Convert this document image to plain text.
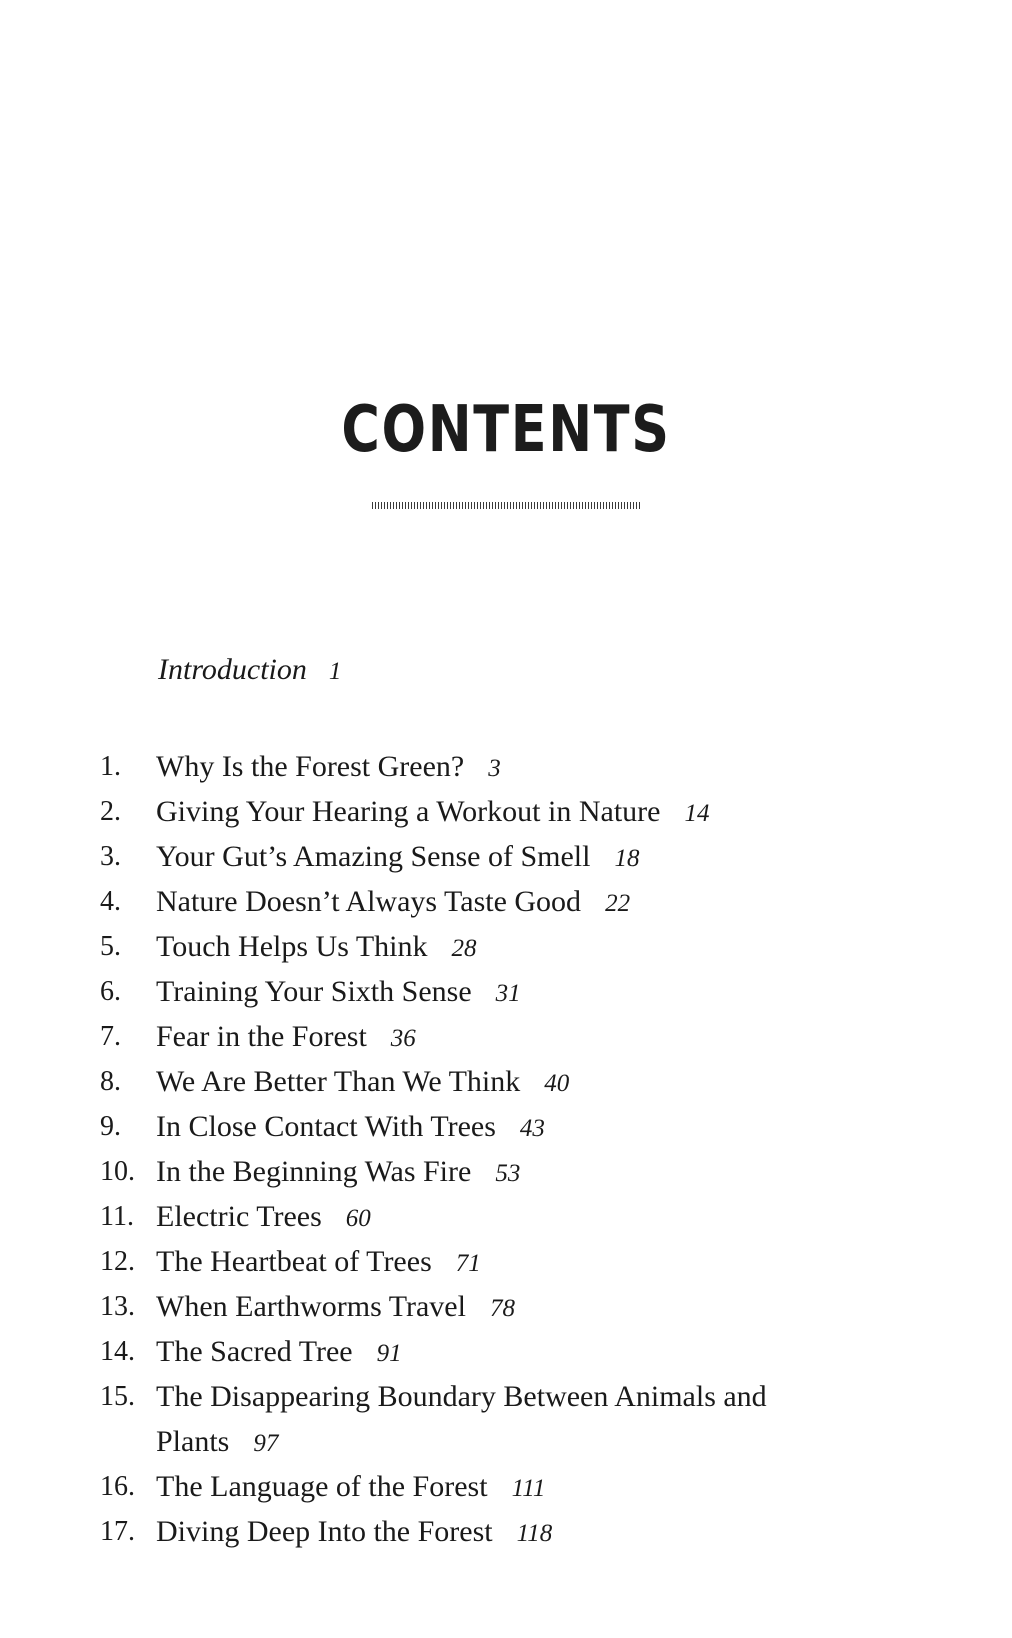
CONTENTS
Introduction 1
1. Why Is the Forest Green? 3
2. Giving Your Hearing a Workout in Nature 14
3. Your Gut’s Amazing Sense of Smell 18
4. Nature Doesn’t Always Taste Good 22
5. Touch Helps Us Think 28
6. Training Your Sixth Sense 31
7. Fear in the Forest 36
8. We Are Better Than We Think 40
9. In Close Contact With Trees 43
10. In the Beginning Was Fire 53
11. Electric Trees 60
12. The Heartbeat of Trees 71
13. When Earthworms Travel 78
14. The Sacred Tree 91
15. The Disappearing Boundary Between Animals and Plants 97
16. The Language of the Forest 111
17. Diving Deep Into the Forest 118
